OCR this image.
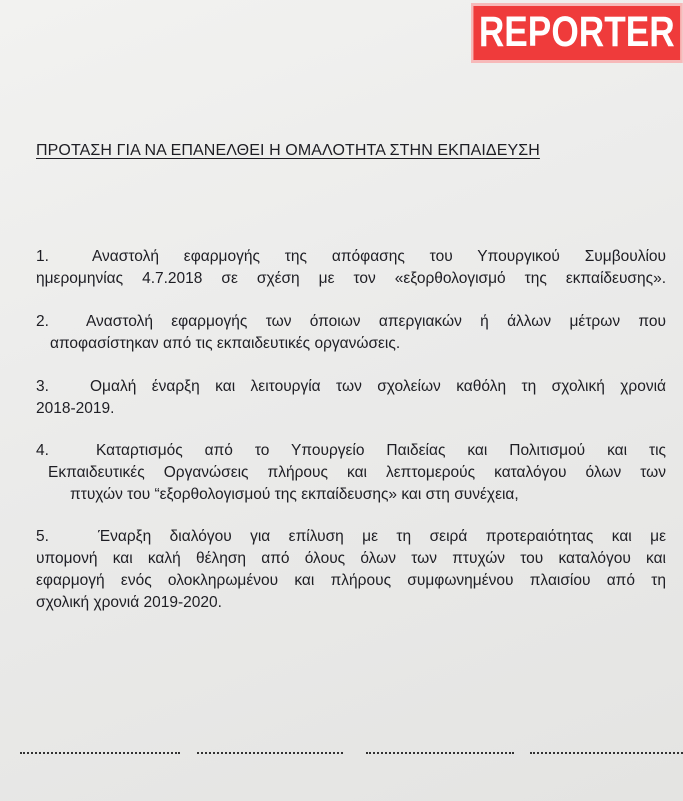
REPORTER
ΠΡΟΤΑΣΗ ΓΙΑ ΝΑ ΕΠΑΝΕΛΘΕΙ Η ΟΜΑΛΟΤΗΤΑ ΣΤΗΝ ΕΚΠΑΙΔΕΥΣΗ
1.	Αναστολή εφαρμογής της απόφασης του Υπουργικού Συμβουλίου
ημερομηνίας 4.7.2018 σε σχέση με τον «εξορθολογισμό της εκπαίδευσης».
2. Αναστολή εφαρμογής των όποιων απεργιακών ή άλλων μέτρων που
αποφασίστηκαν από τις εκπαιδευτικές οργανώσεις.
3.	Ομαλή έναρξη και λειτουργία των σχολείων καθόλη τη σχολική χρονιά
2018-2019.
4.	Καταρτισμός από το Υπουργείο Παιδείας και Πολιτισμού και τις
Εκπαιδευτικές Οργανώσεις πλήρους και λεπτομερούς καταλόγου όλων των
πτυχών του “εξορθολογισμού της εκπαίδευσης» και στη συνέχεια,
5.	Έναρξη διαλόγου για επίλυση με τη σειρά προτεραιότητας και με
υπομονή και καλή θέληση από όλους όλων των πτυχών του καταλόγου και
εφαρμογή ενός ολοκληρωμένου και πλήρους συμφωνημένου πλαισίου από τη
σχολική χρονιά 2019-2020.
